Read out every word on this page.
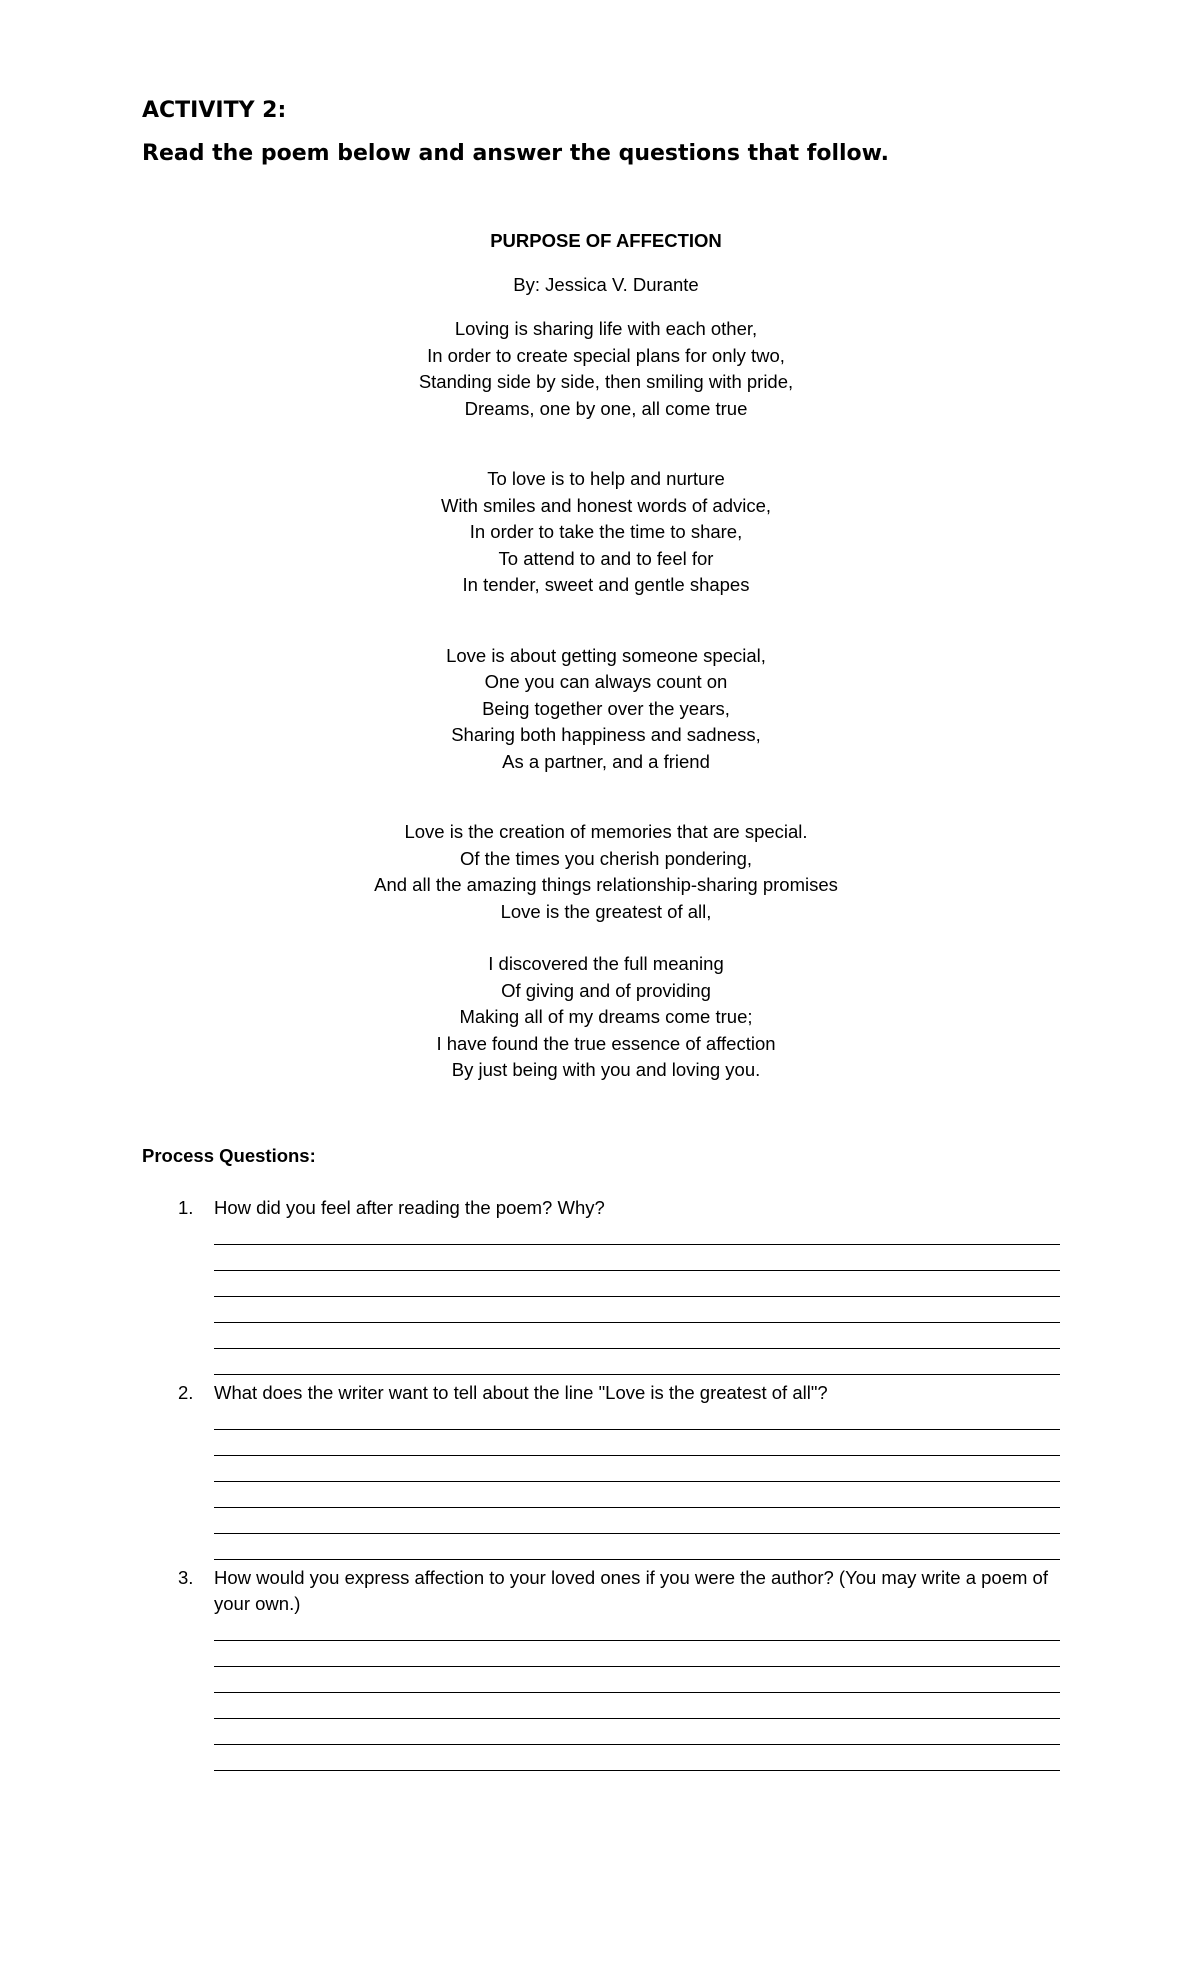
ACTIVITY 2:
Read the poem below and answer the questions that follow.

PURPOSE OF AFFECTION

By: Jessica V. Durante

Loving is sharing life with each other,
In order to create special plans for only two,
Standing side by side, then smiling with pride,
Dreams, one by one, all come true
To love is to help and nurture
With smiles and honest words of advice,
In order to take the time to share,
To attend to and to feel for
In tender, sweet and gentle shapes
Love is about getting someone special,
One you can always count on
Being together over the years,
Sharing both happiness and sadness,
As a partner, and a friend
Love is the creation of memories that are special.
Of the times you cherish pondering,
And all the amazing things relationship-sharing promises
Love is the greatest of all,
I discovered the full meaning
Of giving and of providing
Making all of my dreams come true;
I have found the true essence of affection
By just being with you and loving you.

Process Questions:

1. How did you feel after reading the poem? Why?
2. What does the writer want to tell about the line "Love is the greatest of all"?
3. How would you express affection to your loved ones if you were the author? (You may write a poem of your own.)
